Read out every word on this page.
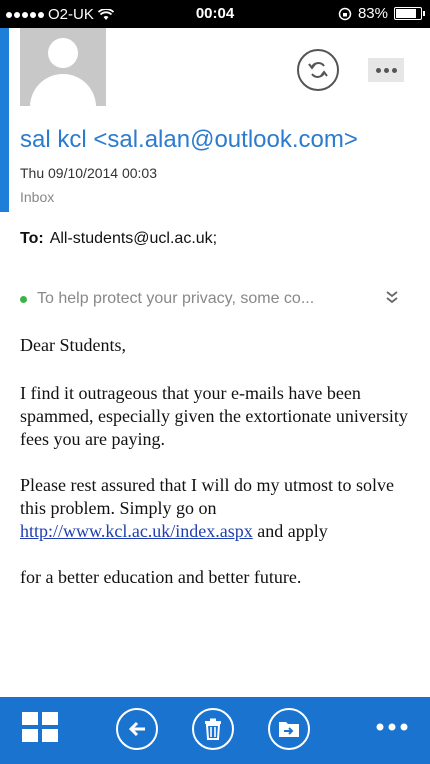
O2-UK	00:04	83%
sal kcl <sal.alan@outlook.com>
Thu 09/10/2014 00:03
Inbox
To: All-students@ucl.ac.uk;
To help protect your privacy, some co...

Dear Students,

I find it outrageous that your e-mails have been spammed, especially given the extortionate university fees you are paying.

Please rest assured that I will do my utmost to solve this problem. Simply go on http://www.kcl.ac.uk/index.aspx and apply

for a better education and better future.
